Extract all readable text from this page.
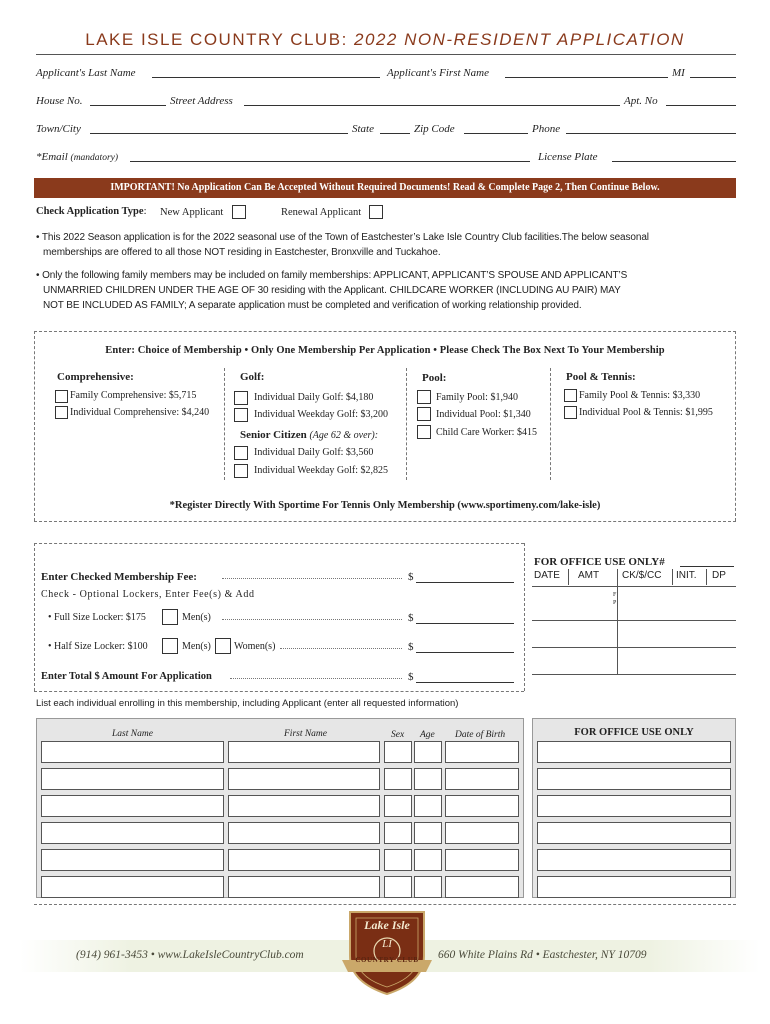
LAKE ISLE COUNTRY CLUB: 2022 NON-RESIDENT APPLICATION
Applicant's Last Name	Applicant's First Name	MI
House No.	Street Address	Apt. No
Town/City	State	Zip Code	Phone
*Email (mandatory)	License Plate
IMPORTANT! No Application Can Be Accepted Without Required Documents! Read & Complete Page 2, Then Continue Below.
Check Application Type: New Applicant	Renewal Applicant
• This 2022 Season application is for the 2022 seasonal use of the Town of Eastchester’s Lake Isle Country Club facilities.The below seasonal
memberships are offered to all those NOT residing in Eastchester, Bronxville and Tuckahoe.
• Only the following family members may be included on family memberships: APPLICANT, APPLICANT’S SPOUSE AND APPLICANT’S
UNMARRIED CHILDREN UNDER THE AGE OF 30 residing with the Applicant. CHILDCARE WORKER (INCLUDING AU PAIR) MAY
NOT BE INCLUDED AS FAMILY; A separate application must be completed and verification of working relationship provided.
Enter: Choice of Membership • Only One Membership Per Application • Please Check The Box Next To Your Membership
Comprehensive:
Family Comprehensive: $5,715
Individual Comprehensive: $4,240
Golf:
Individual Daily Golf: $4,180
Individual Weekday Golf: $3,200
Senior Citizen (Age 62 & over):
Individual Daily Golf: $3,560
Individual Weekday Golf: $2,825
Pool:
Family Pool: $1,940
Individual Pool: $1,340
Child Care Worker: $415
Pool & Tennis:
Family Pool & Tennis: $3,330
Individual Pool & Tennis: $1,995
*Register Directly With Sportime For Tennis Only Membership (www.sportimeny.com/lake-isle)
Enter Checked Membership Fee:	$
Check - Optional Lockers, Enter Fee(s) & Add
• Full Size Locker: $175	Men(s)	$
• Half Size Locker: $100	Men(s) Women(s)	$
Enter Total $ Amount For Application	$
FOR OFFICE USE ONLY#
DATE AMT CK/$/CC INIT. DP
F
P
List each individual enrolling in this membership, including Applicant (enter all requested information)
Last Name	First Name	Sex Age Date of Birth	FOR OFFICE USE ONLY
(914) 961-3453 • www.LakeIsleCountryClub.com	660 White Plains Rd • Eastchester, NY 10709
Lake Isle
LI
COUNTRY CLUB
